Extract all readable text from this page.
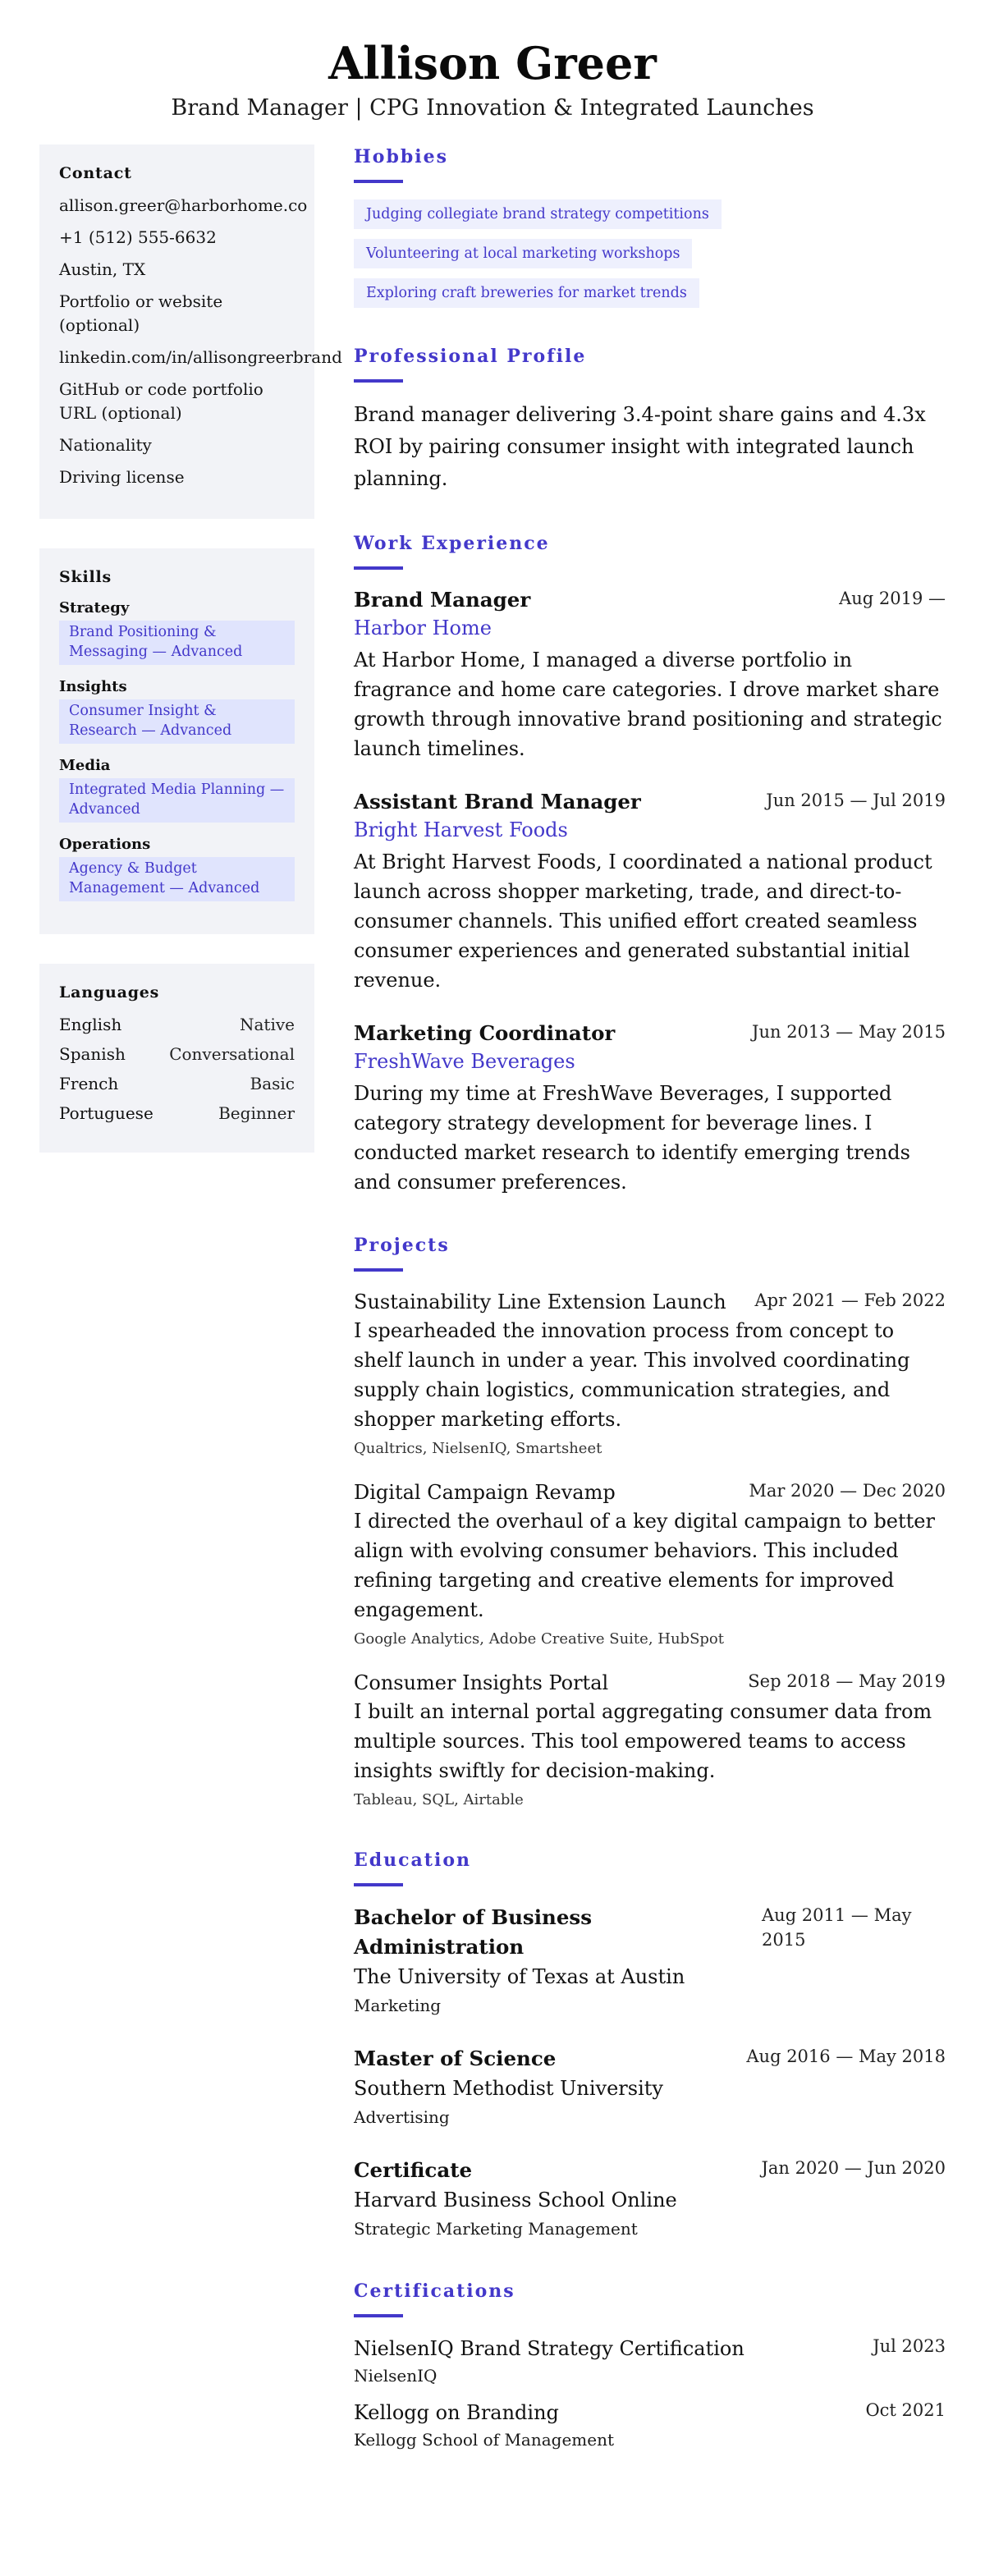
Allison Greer
Brand Manager | CPG Innovation & Integrated Launches
Contact
allison.greer@harborhome.co
+1 (512) 555-6632
Austin, TX
Portfolio or website (optional)
linkedin.com/in/allisongreerbrand
GitHub or code portfolio URL (optional)
Nationality
Driving license
Skills
Strategy
Brand Positioning & Messaging — Advanced
Insights
Consumer Insight & Research — Advanced
Media
Integrated Media Planning — Advanced
Operations
Agency & Budget Management — Advanced
Languages
English	Native
Spanish	Conversational
French	Basic
Portuguese	Beginner
Hobbies
Judging collegiate brand strategy competitions
Volunteering at local marketing workshops
Exploring craft breweries for market trends
Professional Profile

Brand manager delivering 3.4-point share gains and 4.3x ROI by pairing consumer insight with integrated launch planning.

Work Experience
Brand Manager	Aug 2019 —
Harbor Home

At Harbor Home, I managed a diverse portfolio in fragrance and home care categories. I drove market share growth through innovative brand positioning and strategic launch timelines.

Assistant Brand Manager	Jun 2015 — Jul 2019
Bright Harvest Foods

At Bright Harvest Foods, I coordinated a national product launch across shopper marketing, trade, and direct-to-consumer channels. This unified effort created seamless consumer experiences and generated substantial initial revenue.

Marketing Coordinator	Jun 2013 — May 2015
FreshWave Beverages

During my time at FreshWave Beverages, I supported category strategy development for beverage lines. I conducted market research to identify emerging trends and consumer preferences.

Projects
Sustainability Line Extension Launch	Apr 2021 — Feb 2022

I spearheaded the innovation process from concept to shelf launch in under a year. This involved coordinating supply chain logistics, communication strategies, and shopper marketing efforts.

Qualtrics, NielsenIQ, Smartsheet
Digital Campaign Revamp	Mar 2020 — Dec 2020

I directed the overhaul of a key digital campaign to better align with evolving consumer behaviors. This included refining targeting and creative elements for improved engagement.

Google Analytics, Adobe Creative Suite, HubSpot
Consumer Insights Portal	Sep 2018 — May 2019

I built an internal portal aggregating consumer data from multiple sources. This tool empowered teams to access insights swiftly for decision-making.

Tableau, SQL, Airtable
Education
Bachelor of Business Administration
The University of Texas at Austin
Marketing
Aug 2011 — May 2015
Master of Science
Southern Methodist University
Advertising
Aug 2016 — May 2018
Certificate
Harvard Business School Online
Strategic Marketing Management
Jan 2020 — Jun 2020
Certifications
NielsenIQ Brand Strategy Certification	Jul 2023
NielsenIQ
Kellogg on Branding	Oct 2021
Kellogg School of Management
